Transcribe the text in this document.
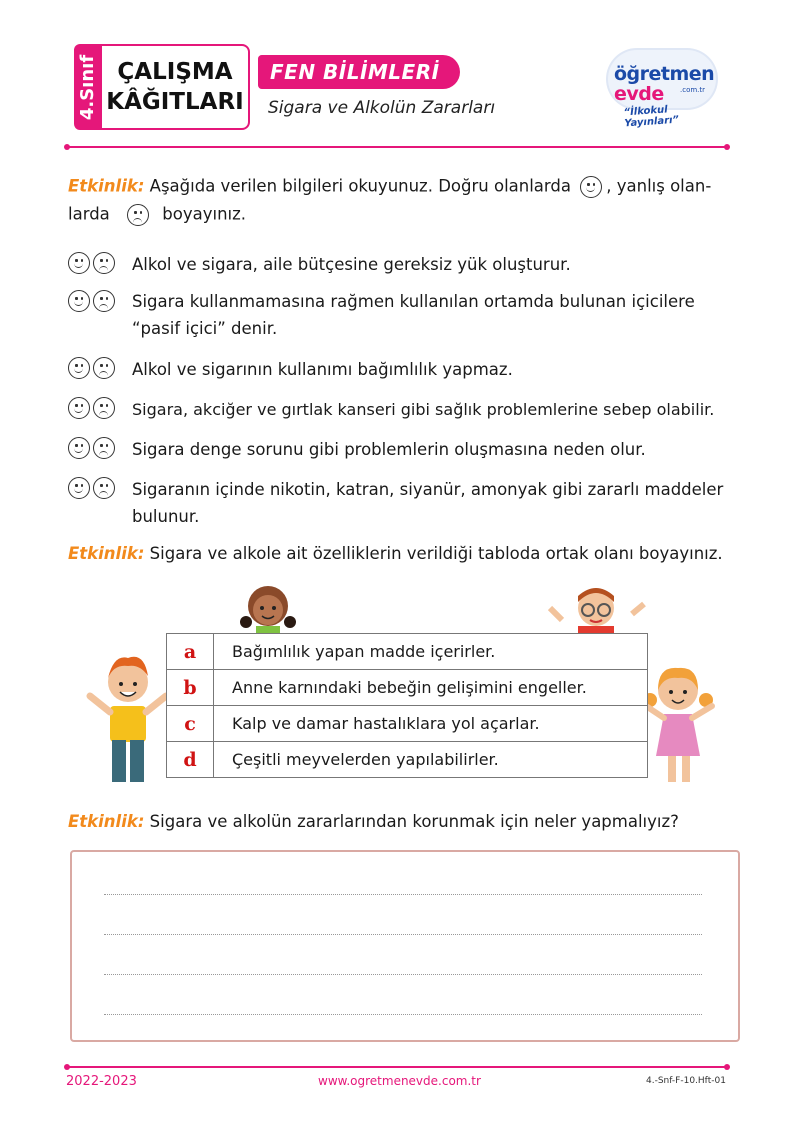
4.Sınıf ÇALIŞMA
KÂĞITLARI
FEN BİLİMLERİ
Sigara ve Alkolün Zararları
öğretmen
evde	.com.tr
“İlkokul Yayınları”
Etkinlik: Aşağıda verilen bilgileri okuyunuz. Doğru olanlarda , yanlış olan-
larda	boyayınız.
Alkol ve sigara, aile bütçesine gereksiz yük oluşturur.
Sigara kullanmamasına rağmen kullanılan ortamda bulunan içicilere
“pasif içici” denir.
Alkol ve sigarının kullanımı bağımlılık yapmaz.
Sigara, akciğer ve gırtlak kanseri gibi sağlık problemlerine sebep olabilir.
Sigara denge sorunu gibi problemlerin oluşmasına neden olur.
Sigaranın içinde nikotin, katran, siyanür, amonyak gibi zararlı maddeler
bulunur.
Etkinlik: Sigara ve alkole ait özelliklerin verildiği tabloda ortak olanı boyayınız.
a	Bağımlılık yapan madde içerirler.
b	Anne karnındaki bebeğin gelişimini engeller.
c	Kalp ve damar hastalıklara yol açarlar.
d	Çeşitli meyvelerden yapılabilirler.
Etkinlik: Sigara ve alkolün zararlarından korunmak için neler yapmalıyız?
2022-2023	www.ogretmenevde.com.tr	4.-Snf-F-10.Hft-01
